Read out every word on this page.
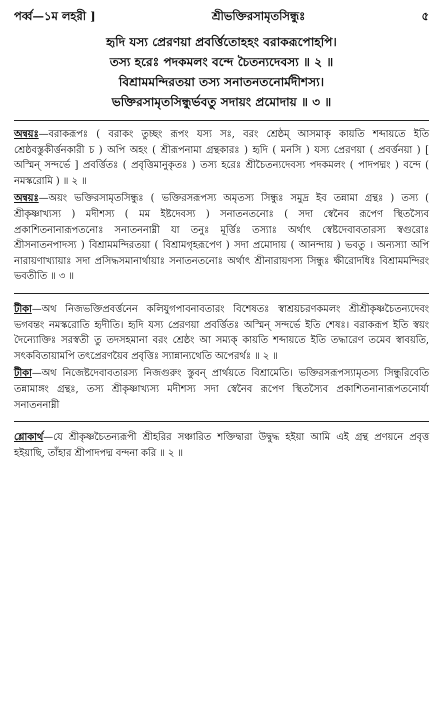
পর্ব্ব—১ম লহরী ]	শ্রীভক্তিরসামৃতসিন্ধুঃ	৫
হৃদি যস্য প্রেরণয়া প্রবর্ত্তিতোহহং বরাকরূপোহপি।
তস্য হরেঃ পদকমলং বন্দে চৈতন্যদেবস্য ॥ ২ ॥
বিশ্রামমন্দিরতয়া তস্য সনাতনতনোর্মদীশস্য।
ভক্তিরসামৃতসিন্ধুর্ভবতু সদায়ং প্রমোদায় ॥ ৩ ॥
অন্বয়ঃ—বরাকরূপঃ ( বরাকং তুচ্ছং রূপং যস্য সঃ, বরং শ্রেষ্ঠম্ আসমাকৃ কায়তি শব্দায়তে ইতি শ্রেষ্ঠবস্তুকীর্ত্তনকারী চ ) অপি অহং ( শ্রীরূপনামা গ্রন্থকারঃ ) হৃদি ( মনসি ) যস্য প্রেরণয়া ( প্রবর্ত্তনয়া ) [ অস্মিন্ সন্দর্ভে ] প্রবর্ত্তিতঃ ( প্রবৃত্তিমানুকৃতঃ ) তস্য হরেঃ শ্রীচৈতন্যদেবস্য পদকমলং ( পাদপদ্মং ) বন্দে ( নমস্করোমি ) ॥ ২ ॥
অন্বয়ঃ—অয়ং ভক্তিরসামৃতসিন্ধুঃ ( ভক্তিরসরূপস্য অমৃতস্য সিন্ধুঃ সমুদ্র ইব তন্নামা গ্রন্থঃ ) তস্য ( শ্রীকৃষ্ণাখ্যস্য ) মদীশস্য ( মম ইষ্টদেবস্য ) সনাতনতনোঃ ( সদা স্বেনৈব রূপেণ স্থিতস্যৈব প্রকাশিতনানারূপতনোঃ সনাতননাম্নী যা তনুঃ মূর্ত্তিঃ তস্যাঃ অর্থাৎ স্বেষ্টদেবাবতারস্য স্বগুরোঃ শ্রীসনাতনপাদস্য ) বিশ্রামমন্দিরতয়া ( বিশ্রামগৃহরূপেণ ) সদা প্রমোদায় ( আনন্দায় ) ভবতু । অন্যস্যা অপি নারায়ণাখ্যায়াঃ সদা প্রসিদ্ধসমানার্থায়াঃ সনাতনতনোঃ অর্থাৎ শ্রীনারায়ণস্য সিন্ধুঃ ক্ষীরোদধিঃ বিশ্রামমন্দিরং ভবতীতি ॥ ৩ ॥
টীকা—অথ নিজভক্তিপ্রবর্ত্তনেন কলিযুগপাবনাবতারং বিশেষতঃ স্বাশ্রয়চরণকমলং শ্রীশ্রীকৃষ্ণচৈতন্যদেবং ভগবন্তং নমস্করোতি হৃদীতি। হৃদি যস্য প্রেরণয়া প্রবর্ত্তিতঃ অস্মিন্ সন্দর্ভে ইতি শেষঃ। বরাকরূপ ইতি স্বয়ং দৈন্যোক্তিঃ সরস্বতী তু তদসহমানা বরং শ্রেষ্ঠং আ সম্যক্ কায়তি শব্দায়তে ইতি তদ্ধারেণ তমেব স্বাবয়তি, সৎকবিতায়ামপি তৎপ্রেরণয়ৈব প্রবৃত্তিঃ স্যান্নান্যথেতি অপেরর্থঃ ॥ ২ ॥
টীকা—অথ নিজেষ্টদেবাবতারস্য নিজগুরুং স্তুবন্ প্রার্থয়তে বিশ্রামেতি। ভক্তিরসরূপস্যামৃতস্য সিন্ধুরিবেতি তন্নামাঙ্গং গ্রন্থঃ, তস্য শ্রীকৃষ্ণাখ্যস্য মদীশস্য সদা স্বেনৈব রূপেণ স্থিতস্যৈব প্রকাশিতনানারূপতনোর্যা সনাতননাম্নী
শ্লোকার্থ—যে শ্রীকৃষ্ণচৈতন্যরূপী শ্রীহরির সঞ্চারিত শক্তিদ্বারা উদ্বুদ্ধ হইয়া আমি এই গ্রন্থ প্রণয়নে প্রবৃত্ত হইয়াছি, তাঁহার শ্রীপাদপদ্ম বন্দনা করি ॥ ২ ॥
